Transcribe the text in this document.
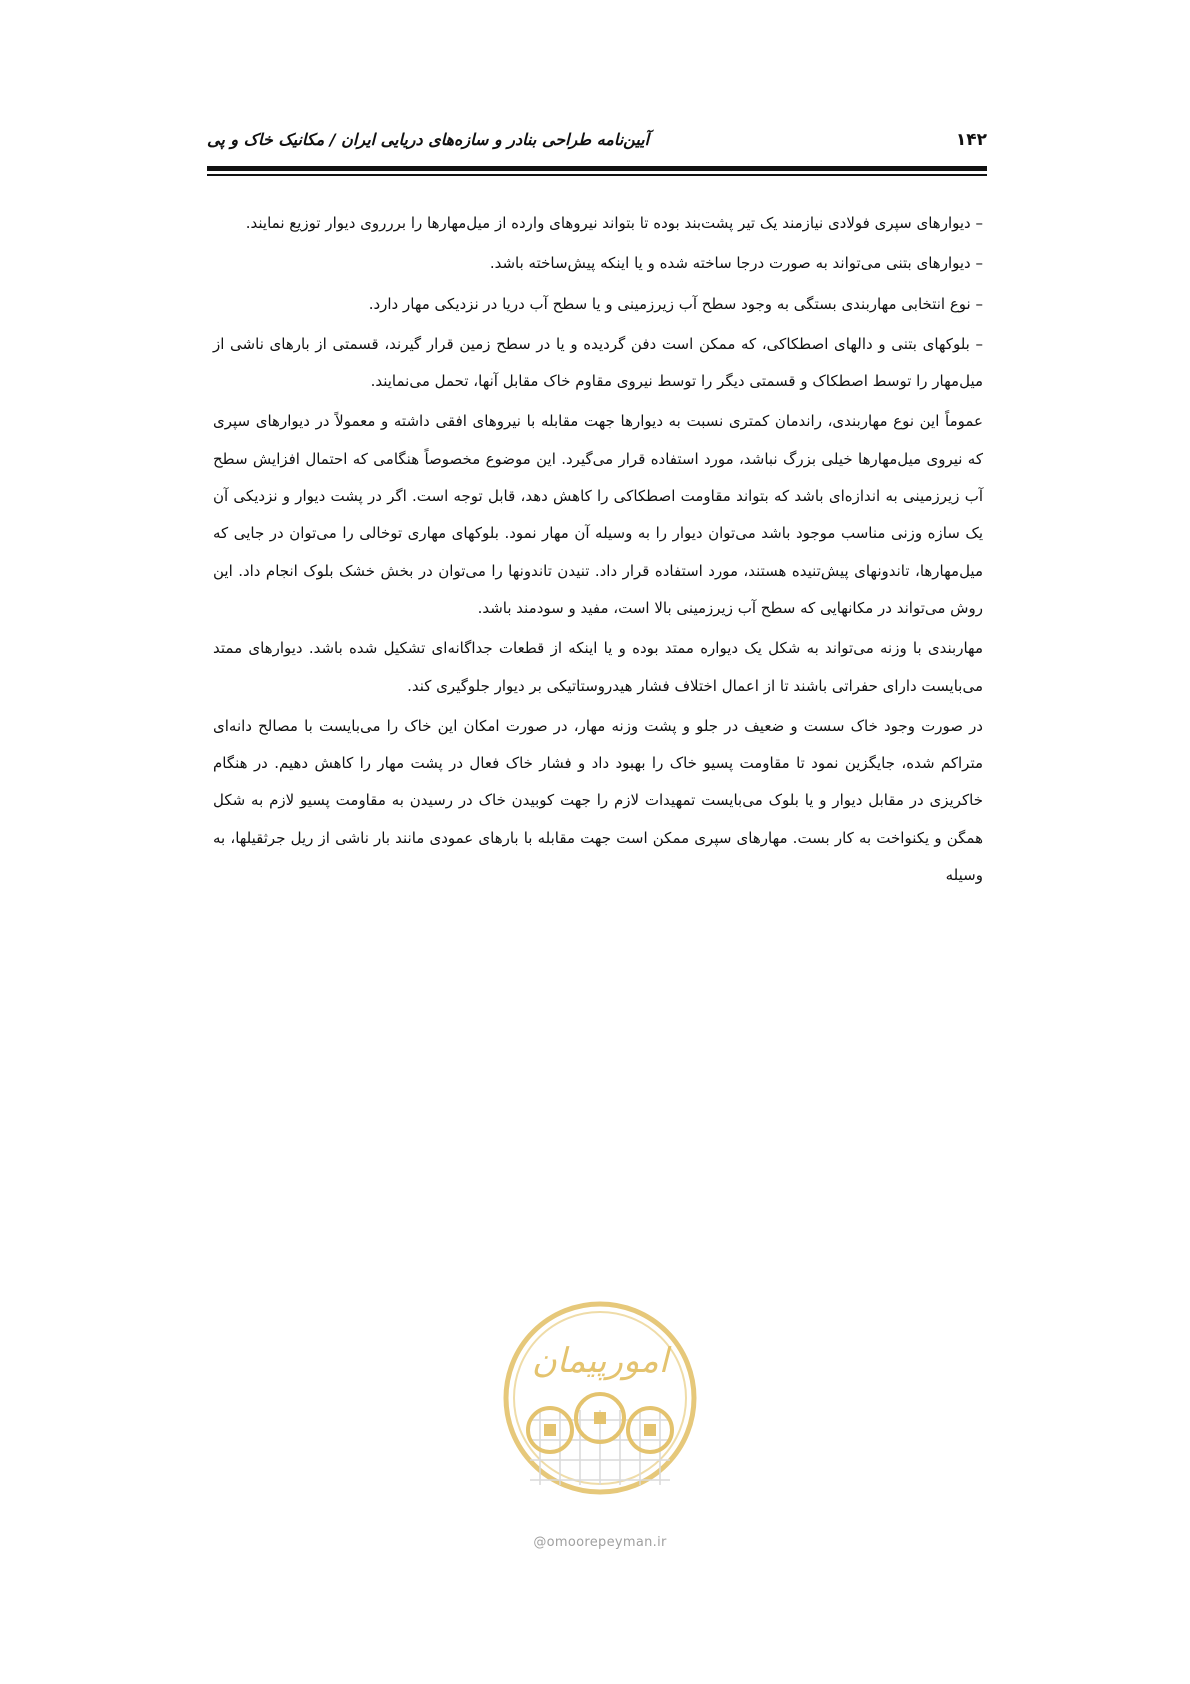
۱۴۲
آیین‌نامه طراحی بنادر و سازه‌های دریایی ایران / مکانیک خاک و پی

– دیوارهای سپری فولادی نیازمند یک تیر پشت‌بند بوده تا بتواند نیروهای وارده از میل‌مهارها را بررروی دیوار توزیع نمایند.

– دیوارهای بتنی می‌تواند به صورت درجا ساخته شده و یا اینکه پیش‌ساخته باشد.

– نوع انتخابی مهاربندی بستگی به وجود سطح آب زیرزمینی و یا سطح آب دریا در نزدیکی مهار دارد.

– بلوکهای بتنی و دالهای اصطکاکی، که ممکن است دفن گردیده و یا در سطح زمین قرار گیرند، قسمتی از بارهای ناشی از میل‌مهار را توسط اصطکاک و قسمتی دیگر را توسط نیروی مقاوم خاک مقابل آنها، تحمل می‌نمایند.

عموماً این نوع مهاربندی، راندمان کمتری نسبت به دیوارها جهت مقابله با نیروهای افقی داشته و معمولاً در دیوارهای سپری که نیروی میل‌مهارها خیلی بزرگ نباشد، مورد استفاده قرار می‌گیرد. این موضوع مخصوصاً هنگامی که احتمال افزایش سطح آب زیرزمینی به اندازه‌ای باشد که بتواند مقاومت اصطکاکی را کاهش دهد، قابل توجه است. اگر در پشت دیوار و نزدیکی آن یک سازه وزنی مناسب موجود باشد می‌توان دیوار را به وسیله آن مهار نمود. بلوکهای مهاری توخالی را می‌توان در جایی که میل‌مهارها، تاندونهای پیش‌تنیده هستند، مورد استفاده قرار داد. تنیدن تاندونها را می‌توان در بخش خشک بلوک انجام داد. این روش می‌تواند در مکانهایی که سطح آب زیرزمینی بالا است، مفید و سودمند باشد.

مهاربندی با وزنه می‌تواند به شکل یک دیواره ممتد بوده و یا اینکه از قطعات جداگانه‌ای تشکیل شده باشد. دیوارهای ممتد می‌بایست دارای حفراتی باشند تا از اعمال اختلاف فشار هیدروستاتیکی بر دیوار جلوگیری کند.

در صورت وجود خاک سست و ضعیف در جلو و پشت وزنه مهار، در صورت امکان این خاک را می‌بایست با مصالح دانه‌ای متراکم شده، جایگزین نمود تا مقاومت پسیو خاک را بهبود داد و فشار خاک فعال در پشت مهار را کاهش دهیم. در هنگام خاکریزی در مقابل دیوار و یا بلوک می‌بایست تمهیدات لازم را جهت کوبیدن خاک در رسیدن به مقاومت پسیو لازم به شکل همگن و یکنواخت به کار بست. مهارهای سپری ممکن است جهت مقابله با بارهای عمودی مانند بار ناشی از ریل جرثقیلها، به وسیله

امورپیمان
@omoorepeyman.ir
